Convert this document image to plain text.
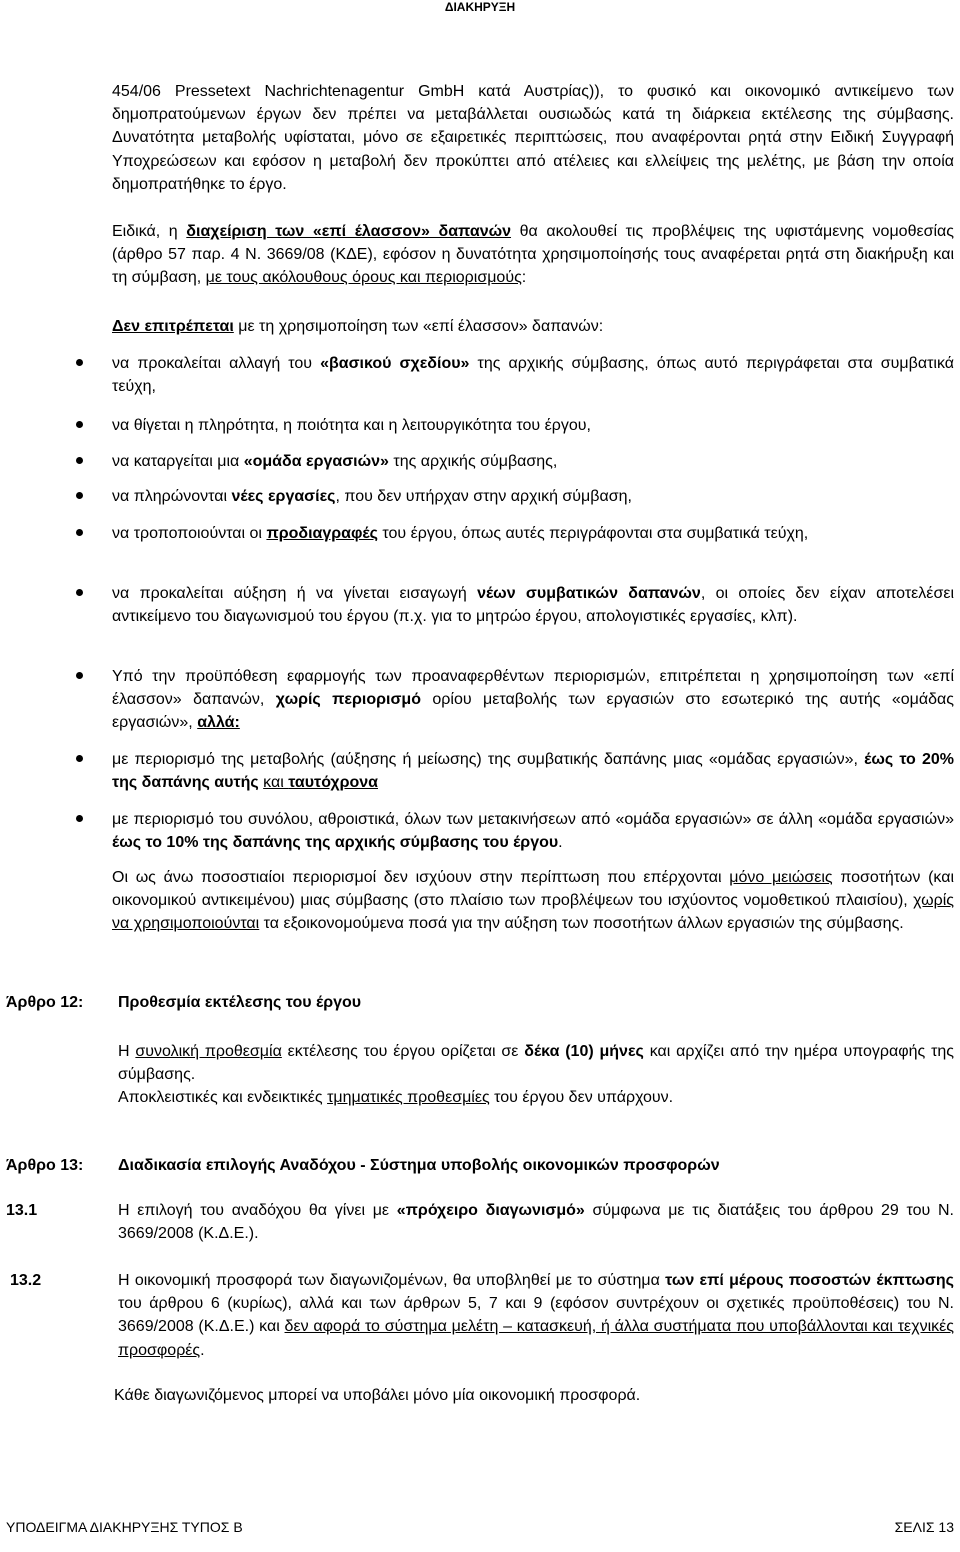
ΔΙΑΚΗΡΥΞΗ

454/06 Pressetext Nachrichtenagentur GmbH κατά Αυστρίας)), το φυσικό και οικονομικό αντικείμενο των δημοπρατούμενων έργων δεν πρέπει να μεταβάλλεται ουσιωδώς κατά τη διάρκεια εκτέλεσης της σύμβασης. Δυνατότητα μεταβολής υφίσταται, μόνο σε εξαιρετικές περιπτώσεις, που αναφέρονται ρητά στην Ειδική Συγγραφή Υποχρεώσεων και εφόσον η μεταβολή δεν προκύπτει από ατέλειες και ελλείψεις της μελέτης, με βάση την οποία δημοπρατήθηκε το έργο.

Ειδικά, η διαχείριση των «επί έλασσον» δαπανών θα ακολουθεί τις προβλέψεις της υφιστάμενης νομοθεσίας (άρθρο 57 παρ. 4 Ν. 3669/08 (ΚΔΕ), εφόσον η δυνατότητα χρησιμοποίησής τους αναφέρεται ρητά στη διακήρυξη και τη σύμβαση, με τους ακόλουθους όρους και περιορισμούς:

Δεν επιτρέπεται με τη χρησιμοποίηση των «επί έλασσον» δαπανών:

να προκαλείται αλλαγή του «βασικού σχεδίου» της αρχικής σύμβασης, όπως αυτό περιγράφεται στα συμβατικά τεύχη,

να θίγεται η πληρότητα, η ποιότητα και η λειτουργικότητα του έργου,

να καταργείται μια «ομάδα εργασιών» της αρχικής σύμβασης,

να πληρώνονται νέες εργασίες, που δεν υπήρχαν στην αρχική σύμβαση,

να τροποποιούνται οι προδιαγραφές του έργου, όπως αυτές περιγράφονται στα συμβατικά τεύχη,

να προκαλείται αύξηση ή να γίνεται εισαγωγή νέων συμβατικών δαπανών, οι οποίες δεν είχαν αποτελέσει αντικείμενο του διαγωνισμού του έργου (π.χ. για το μητρώο έργου, απολογιστικές εργασίες, κλπ).

Υπό την προϋπόθεση εφαρμογής των προαναφερθέντων περιορισμών, επιτρέπεται η χρησιμοποίηση των «επί έλασσον» δαπανών, χωρίς περιορισμό ορίου μεταβολής των εργασιών στο εσωτερικό της αυτής «ομάδας εργασιών», αλλά:

με περιορισμό της μεταβολής (αύξησης ή μείωσης) της συμβατικής δαπάνης μιας «ομάδας εργασιών», έως το 20% της δαπάνης αυτής και ταυτόχρονα

με περιορισμό του συνόλου, αθροιστικά, όλων των μετακινήσεων από «ομάδα εργασιών» σε άλλη «ομάδα εργασιών» έως το 10% της δαπάνης της αρχικής σύμβασης του έργου.

Οι ως άνω ποσοστιαίοι περιορισμοί δεν ισχύουν στην περίπτωση που επέρχονται μόνο μειώσεις ποσοτήτων (και οικονομικού αντικειμένου) μιας σύμβασης (στο πλαίσιο των προβλέψεων του ισχύοντος νομοθετικού πλαισίου), χωρίς να χρησιμοποιούνται τα εξοικονομούμενα ποσά για την αύξηση των ποσοτήτων άλλων εργασιών της σύμβασης.

Άρθρο 12: Προθεσμία εκτέλεσης του έργου

Η συνολική προθεσμία εκτέλεσης του έργου ορίζεται σε δέκα (10) μήνες και αρχίζει από την ημέρα υπογραφής της σύμβασης.

Αποκλειστικές και ενδεικτικές τμηματικές προθεσμίες του έργου δεν υπάρχουν.

Άρθρο 13: Διαδικασία επιλογής Αναδόχου - Σύστημα υποβολής οικονομικών προσφορών
13.1	Η επιλογή του αναδόχου θα γίνει με «πρόχειρο διαγωνισμό» σύμφωνα με τις διατάξεις του άρθρου 29 του Ν. 3669/2008 (Κ.Δ.Ε.).

13.2	Η οικονομική προσφορά των διαγωνιζομένων, θα υποβληθεί με το σύστημα των επί μέρους ποσοστών έκπτωσης του άρθρου 6 (κυρίως), αλλά και των άρθρων 5, 7 και 9 (εφόσον συντρέχουν οι σχετικές προϋποθέσεις) του Ν. 3669/2008 (Κ.Δ.Ε.) και δεν αφορά το σύστημα μελέτη – κατασκευή, ή άλλα συστήματα που υποβάλλονται και τεχνικές προσφορές.

Κάθε διαγωνιζόμενος μπορεί να υποβάλει μόνο μία οικονομική προσφορά.

ΥΠΟΔΕΙΓΜΑ ΔΙΑΚΗΡΥΞΗΣ ΤΥΠΟΣ Β	ΣΕΛΙΣ 13
